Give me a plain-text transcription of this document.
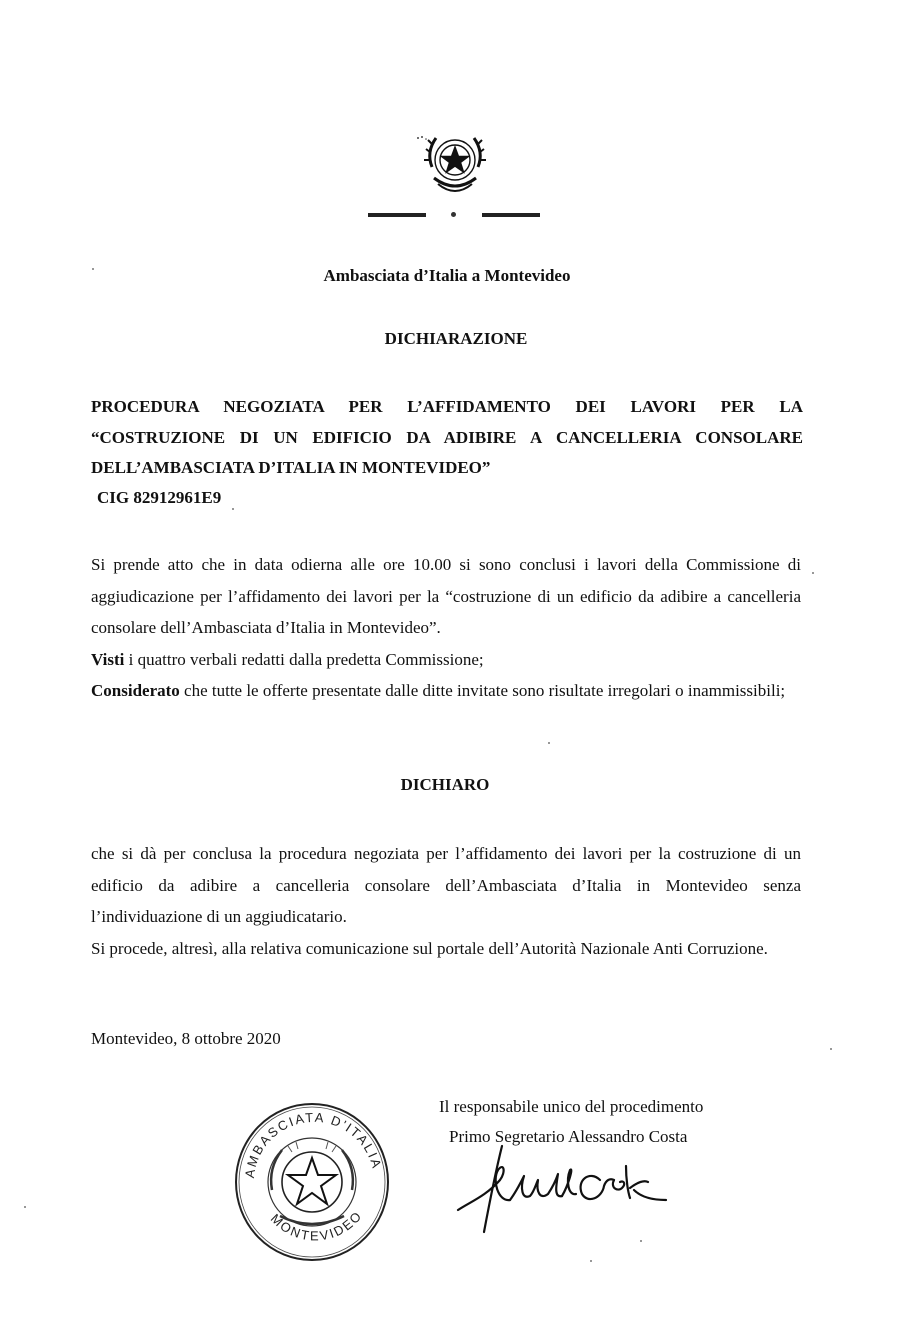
Ambasciata d’Italia a Montevideo
DICHIARAZIONE
PROCEDURA NEGOZIATA PER L’AFFIDAMENTO DEI LAVORI PER LA
“COSTRUZIONE DI UN EDIFICIO DA ADIBIRE A CANCELLERIA CONSOLARE
DELL’AMBASCIATA D’ITALIA IN MONTEVIDEO”
CIG 82912961E9

Si prende atto che in data odierna alle ore 10.00 si sono conclusi i lavori della Commissione di aggiudicazione per l’affidamento dei lavori per la “costruzione di un edificio da adibire a cancelleria consolare dell’Ambasciata d’Italia in Montevideo”.

Visti i quattro verbali redatti dalla predetta Commissione;

Considerato che tutte le offerte presentate dalle ditte invitate sono risultate irregolari o inammissibili;

DICHIARO

che si dà per conclusa la procedura negoziata per l’affidamento dei lavori per la costruzione di un edificio da adibire a cancelleria consolare dell’Ambasciata d’Italia in Montevideo senza l’individuazione di un aggiudicatario.

Si procede, altresì, alla relativa comunicazione sul portale dell’Autorità Nazionale Anti Corruzione.

Montevideo, 8 ottobre 2020
AMBASCIATA D'ITALIA
MONTEVIDEO
Il responsabile unico del procedimento
Primo Segretario Alessandro Costa
